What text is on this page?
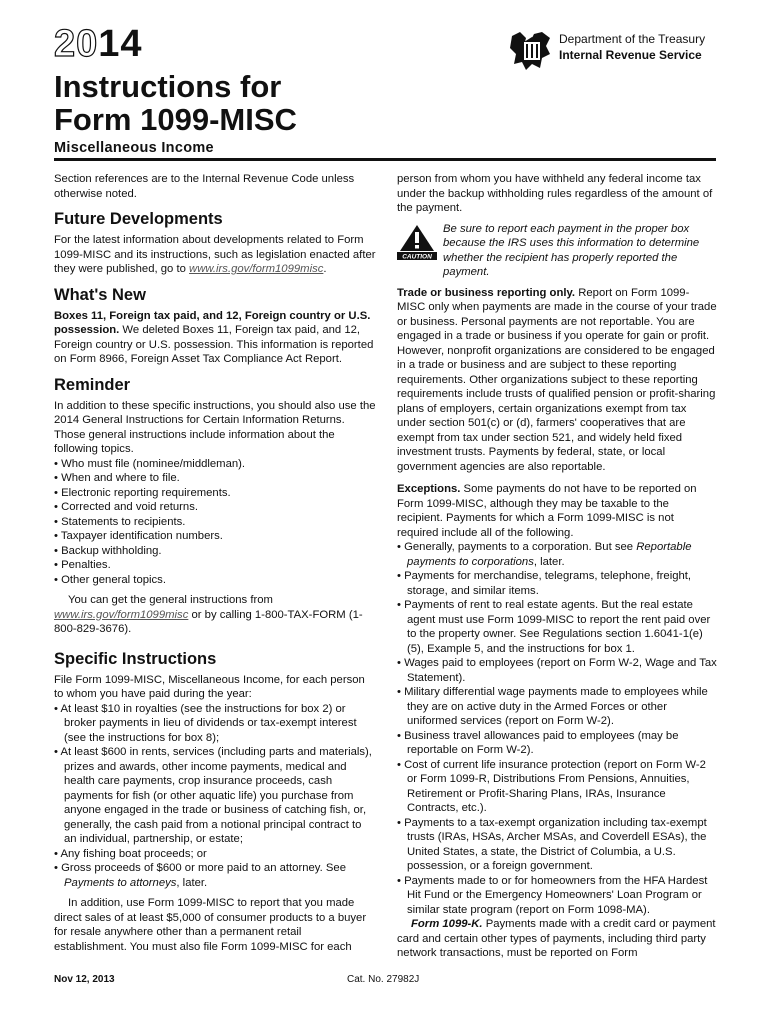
2014
Instructions for
Form 1099-MISC
Miscellaneous Income
Department of the Treasury
Internal Revenue Service

Section references are to the Internal Revenue Code unless otherwise noted.

Future Developments

For the latest information about developments related to Form 1099-MISC and its instructions, such as legislation enacted after they were published, go to www.irs.gov/form1099misc.

What's New

Boxes 11, Foreign tax paid, and 12, Foreign country or U.S. possession. We deleted Boxes 11, Foreign tax paid, and 12, Foreign country or U.S. possession. This information is reported on Form 8966, Foreign Asset Tax Compliance Act Report.

Reminder

In addition to these specific instructions, you should also use the 2014 General Instructions for Certain Information Returns. Those general instructions include information about the following topics.

• Who must file (nominee/middleman).

• When and where to file.

• Electronic reporting requirements.

• Corrected and void returns.

• Statements to recipients.

• Taxpayer identification numbers.

• Backup withholding.

• Penalties.

• Other general topics.

You can get the general instructions from www.irs.gov/form1099misc or by calling 1-800-TAX-FORM (1-800-829-3676).

Specific Instructions

File Form 1099-MISC, Miscellaneous Income, for each person to whom you have paid during the year:

• At least $10 in royalties (see the instructions for box 2) or broker payments in lieu of dividends or tax-exempt interest (see the instructions for box 8);

• At least $600 in rents, services (including parts and materials), prizes and awards, other income payments, medical and health care payments, crop insurance proceeds, cash payments for fish (or other aquatic life) you purchase from anyone engaged in the trade or business of catching fish, or, generally, the cash paid from a notional principal contract to an individual, partnership, or estate;

• Any fishing boat proceeds; or

• Gross proceeds of $600 or more paid to an attorney. See Payments to attorneys, later.

In addition, use Form 1099-MISC to report that you made direct sales of at least $5,000 of consumer products to a buyer for resale anywhere other than a permanent retail establishment. You must also file Form 1099-MISC for each

person from whom you have withheld any federal income tax under the backup withholding rules regardless of the amount of the payment.

CAUTION
Be sure to report each payment in the proper box because the IRS uses this information to determine whether the recipient has properly reported the payment.

Trade or business reporting only. Report on Form 1099-MISC only when payments are made in the course of your trade or business. Personal payments are not reportable. You are engaged in a trade or business if you operate for gain or profit. However, nonprofit organizations are considered to be engaged in a trade or business and are subject to these reporting requirements. Other organizations subject to these reporting requirements include trusts of qualified pension or profit-sharing plans of employers, certain organizations exempt from tax under section 501(c) or (d), farmers' cooperatives that are exempt from tax under section 521, and widely held fixed investment trusts. Payments by federal, state, or local government agencies are also reportable.

Exceptions. Some payments do not have to be reported on Form 1099-MISC, although they may be taxable to the recipient. Payments for which a Form 1099-MISC is not required include all of the following.

• Generally, payments to a corporation. But see Reportable payments to corporations, later.

• Payments for merchandise, telegrams, telephone, freight, storage, and similar items.

• Payments of rent to real estate agents. But the real estate agent must use Form 1099-MISC to report the rent paid over to the property owner. See Regulations section 1.6041-1(e)(5), Example 5, and the instructions for box 1.

• Wages paid to employees (report on Form W-2, Wage and Tax Statement).

• Military differential wage payments made to employees while they are on active duty in the Armed Forces or other uniformed services (report on Form W-2).

• Business travel allowances paid to employees (may be reportable on Form W-2).

• Cost of current life insurance protection (report on Form W-2 or Form 1099-R, Distributions From Pensions, Annuities, Retirement or Profit-Sharing Plans, IRAs, Insurance Contracts, etc.).

• Payments to a tax-exempt organization including tax-exempt trusts (IRAs, HSAs, Archer MSAs, and Coverdell ESAs), the United States, a state, the District of Columbia, a U.S. possession, or a foreign government.

• Payments made to or for homeowners from the HFA Hardest Hit Fund or the Emergency Homeowners' Loan Program or similar state program (report on Form 1098-MA).

Form 1099-K. Payments made with a credit card or payment card and certain other types of payments, including third party network transactions, must be reported on Form

Nov 12, 2013	Cat. No. 27982J
